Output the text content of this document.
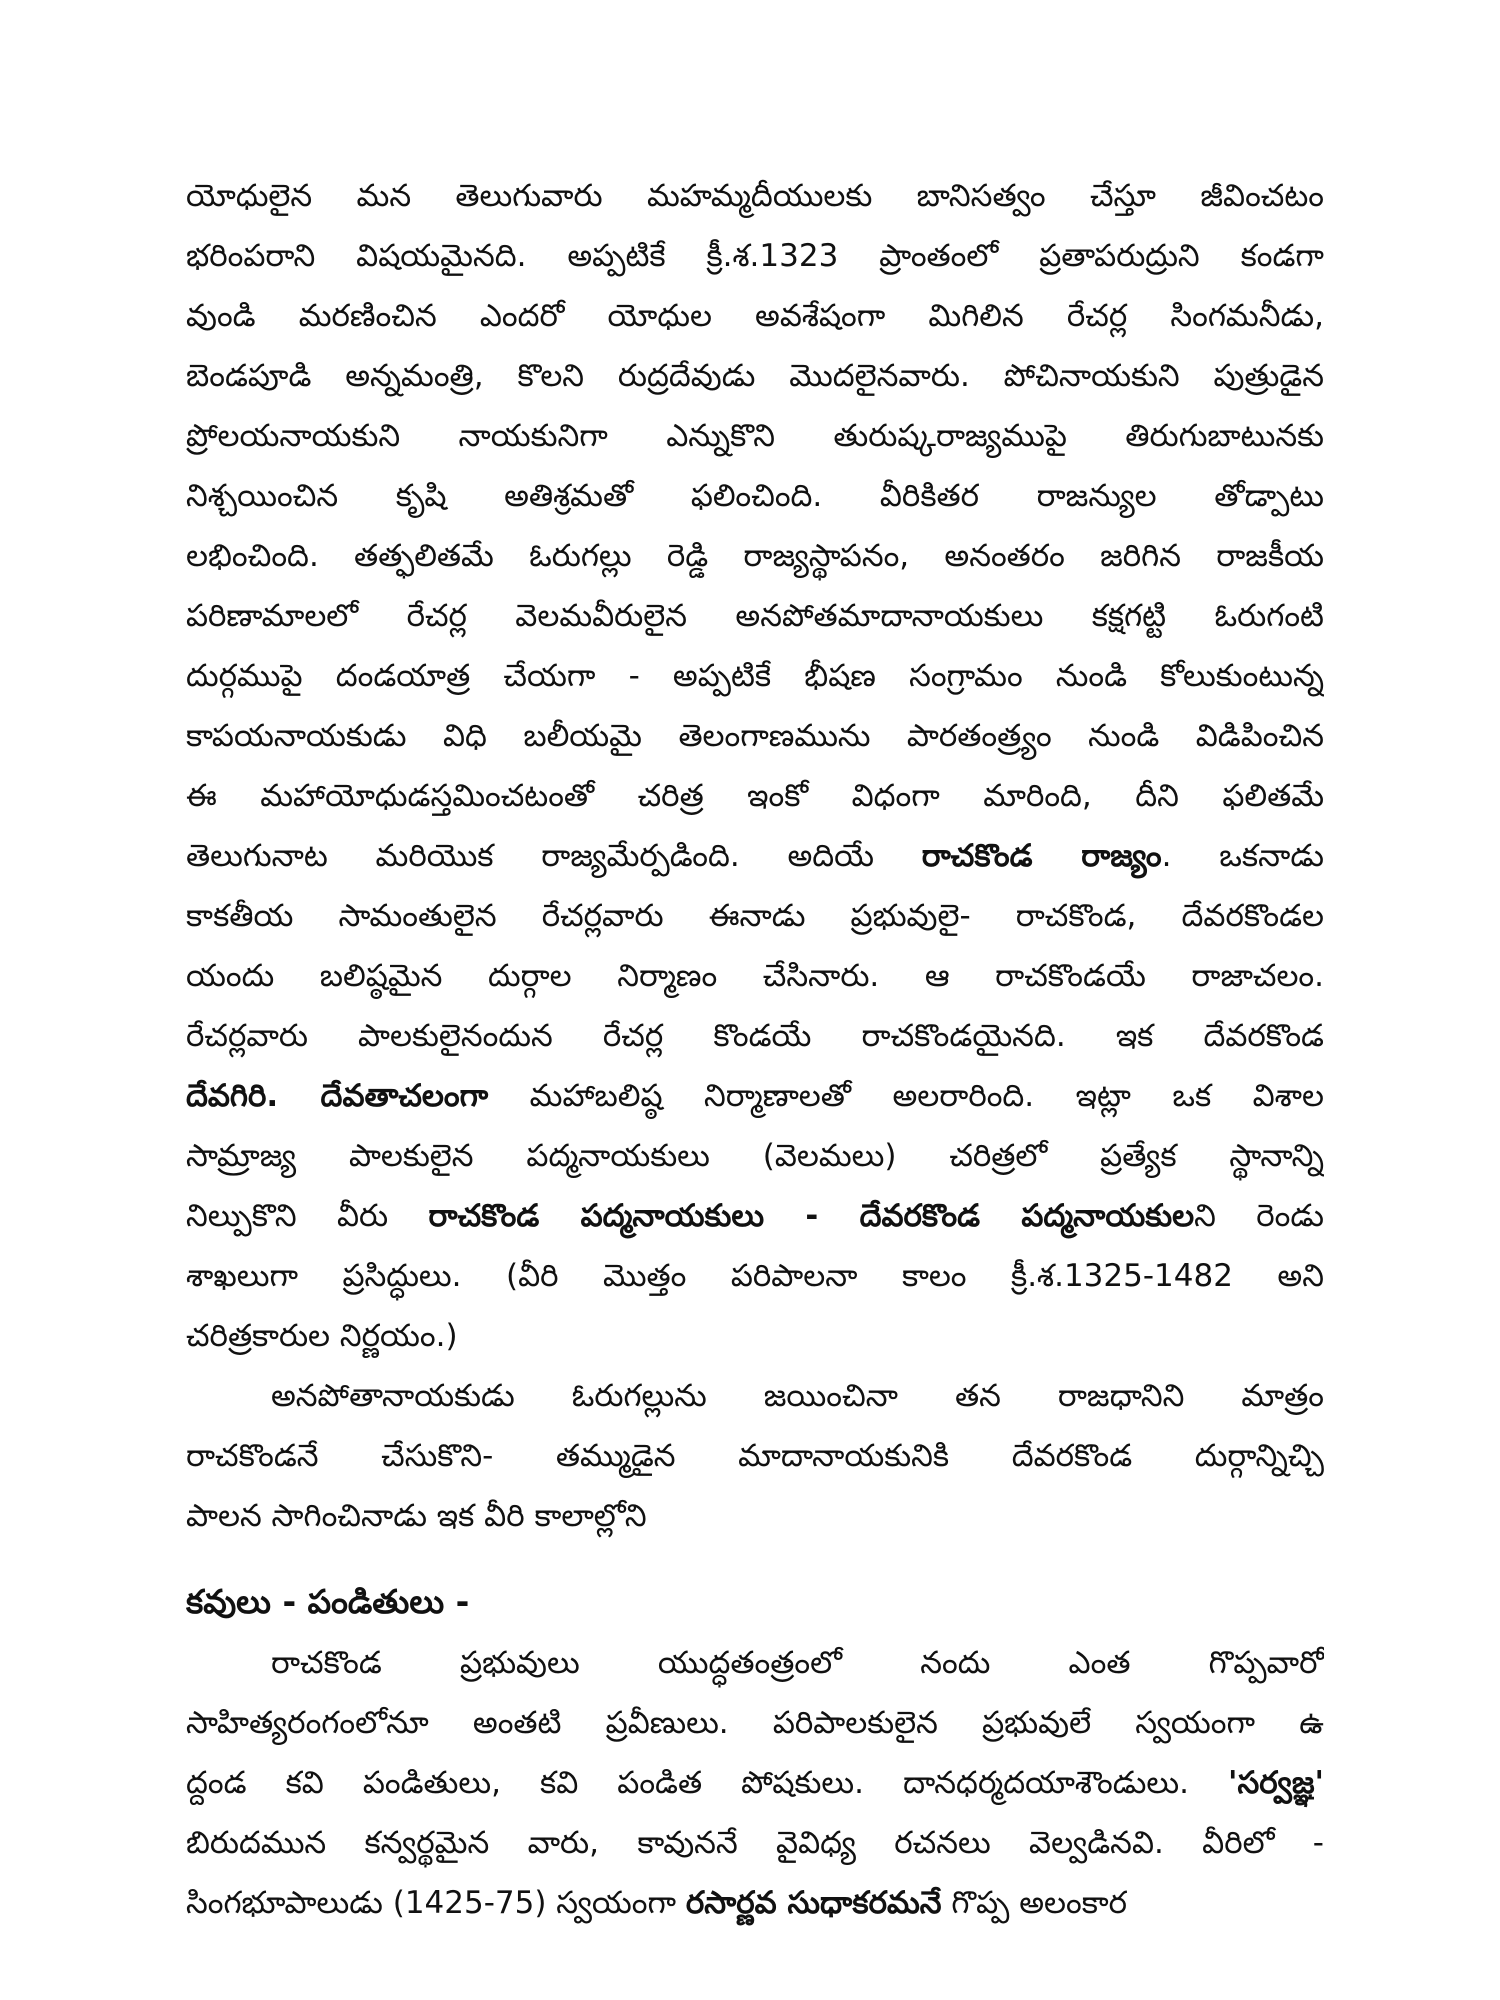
యోధులైన మన తెలుగువారు మహమ్మదీయులకు బానిసత్వం చేస్తూ జీవించటం
భరింపరాని విషయమైనది. అప్పటికే క్రీ.శ.1323 ప్రాంతంలో ప్రతాపరుద్రుని కండగా
వుండి మరణించిన ఎందరో యోధుల అవశేషంగా మిగిలిన రేచర్ల సింగమనీడు,
బెండపూడి అన్నమంత్రి, కొలని రుద్రదేవుడు మొదలైనవారు. పోచినాయకుని పుత్రుడైన
ప్రోలయనాయకుని నాయకునిగా ఎన్నుకొని తురుష్కరాజ్యముపై తిరుగుబాటునకు
నిశ్చయించిన కృషి అతిశ్రమతో ఫలించింది. వీరికితర రాజన్యుల తోడ్పాటు
లభించింది. తత్ఫలితమే ఓరుగల్లు రెడ్డి రాజ్యస్థాపనం, అనంతరం జరిగిన రాజకీయ
పరిణామాలలో రేచర్ల వెలమవీరులైన అనపోతమాదానాయకులు కక్షగట్టి ఓరుగంటి
దుర్గముపై దండయాత్ర చేయగా - అప్పటికే భీషణ సంగ్రామం నుండి కోలుకుంటున్న
కాపయనాయకుడు విధి బలీయమై తెలంగాణమును పారతంత్ర్యం నుండి విడిపించిన
ఈ మహాయోధుడస్తమించటంతో చరిత్ర ఇంకో విధంగా మారింది, దీని ఫలితమే
తెలుగునాట మరియొక రాజ్యమేర్పడింది. అదియే రాచకొండ రాజ్యం. ఒకనాడు
కాకతీయ సామంతులైన రేచర్లవారు ఈనాడు ప్రభువులై- రాచకొండ, దేవరకొండల
యందు బలిష్ఠమైన దుర్గాల నిర్మాణం చేసినారు. ఆ రాచకొండయే రాజాచలం.
రేచర్లవారు పాలకులైనందున రేచర్ల కొండయే రాచకొండయైనది. ఇక దేవరకొండ
దేవగిరి. దేవతాచలంగా మహాబలిష్ఠ నిర్మాణాలతో అలరారింది. ఇట్లా ఒక విశాల
సామ్రాజ్య పాలకులైన పద్మనాయకులు (వెలమలు) చరిత్రలో ప్రత్యేక స్థానాన్ని
నిల్పుకొని వీరు రాచకొండ పద్మనాయకులు - దేవరకొండ పద్మనాయకులని రెండు
శాఖలుగా ప్రసిద్ధులు. (వీరి మొత్తం పరిపాలనా కాలం క్రీ.శ.1325-1482 అని
చరిత్రకారుల నిర్ణయం.)
అనపోతానాయకుడు ఓరుగల్లును జయించినా తన రాజధానిని మాత్రం
రాచకొండనే చేసుకొని- తమ్ముడైన మాదానాయకునికి దేవరకొండ దుర్గాన్నిచ్చి
పాలన సాగించినాడు ఇక వీరి కాలాల్లోని
కవులు - పండితులు -
రాచకొండ ప్రభువులు యుద్ధతంత్రంలో నందు ఎంత గొప్పవారో
సాహిత్యరంగంలోనూ అంతటి ప్రవీణులు. పరిపాలకులైన ప్రభువులే స్వయంగా ఉ
ద్దండ కవి పండితులు, కవి పండిత పోషకులు. దానధర్మదయాశౌండులు. 'సర్వజ్ఞ'
బిరుదమున కన్వర్థమైన వారు, కావుననే వైవిధ్య రచనలు వెల్వడినవి. వీరిలో -
సింగభూపాలుడు (1425-75) స్వయంగా రసార్ణవ సుధాకరమనే గొప్ప అలంకార
